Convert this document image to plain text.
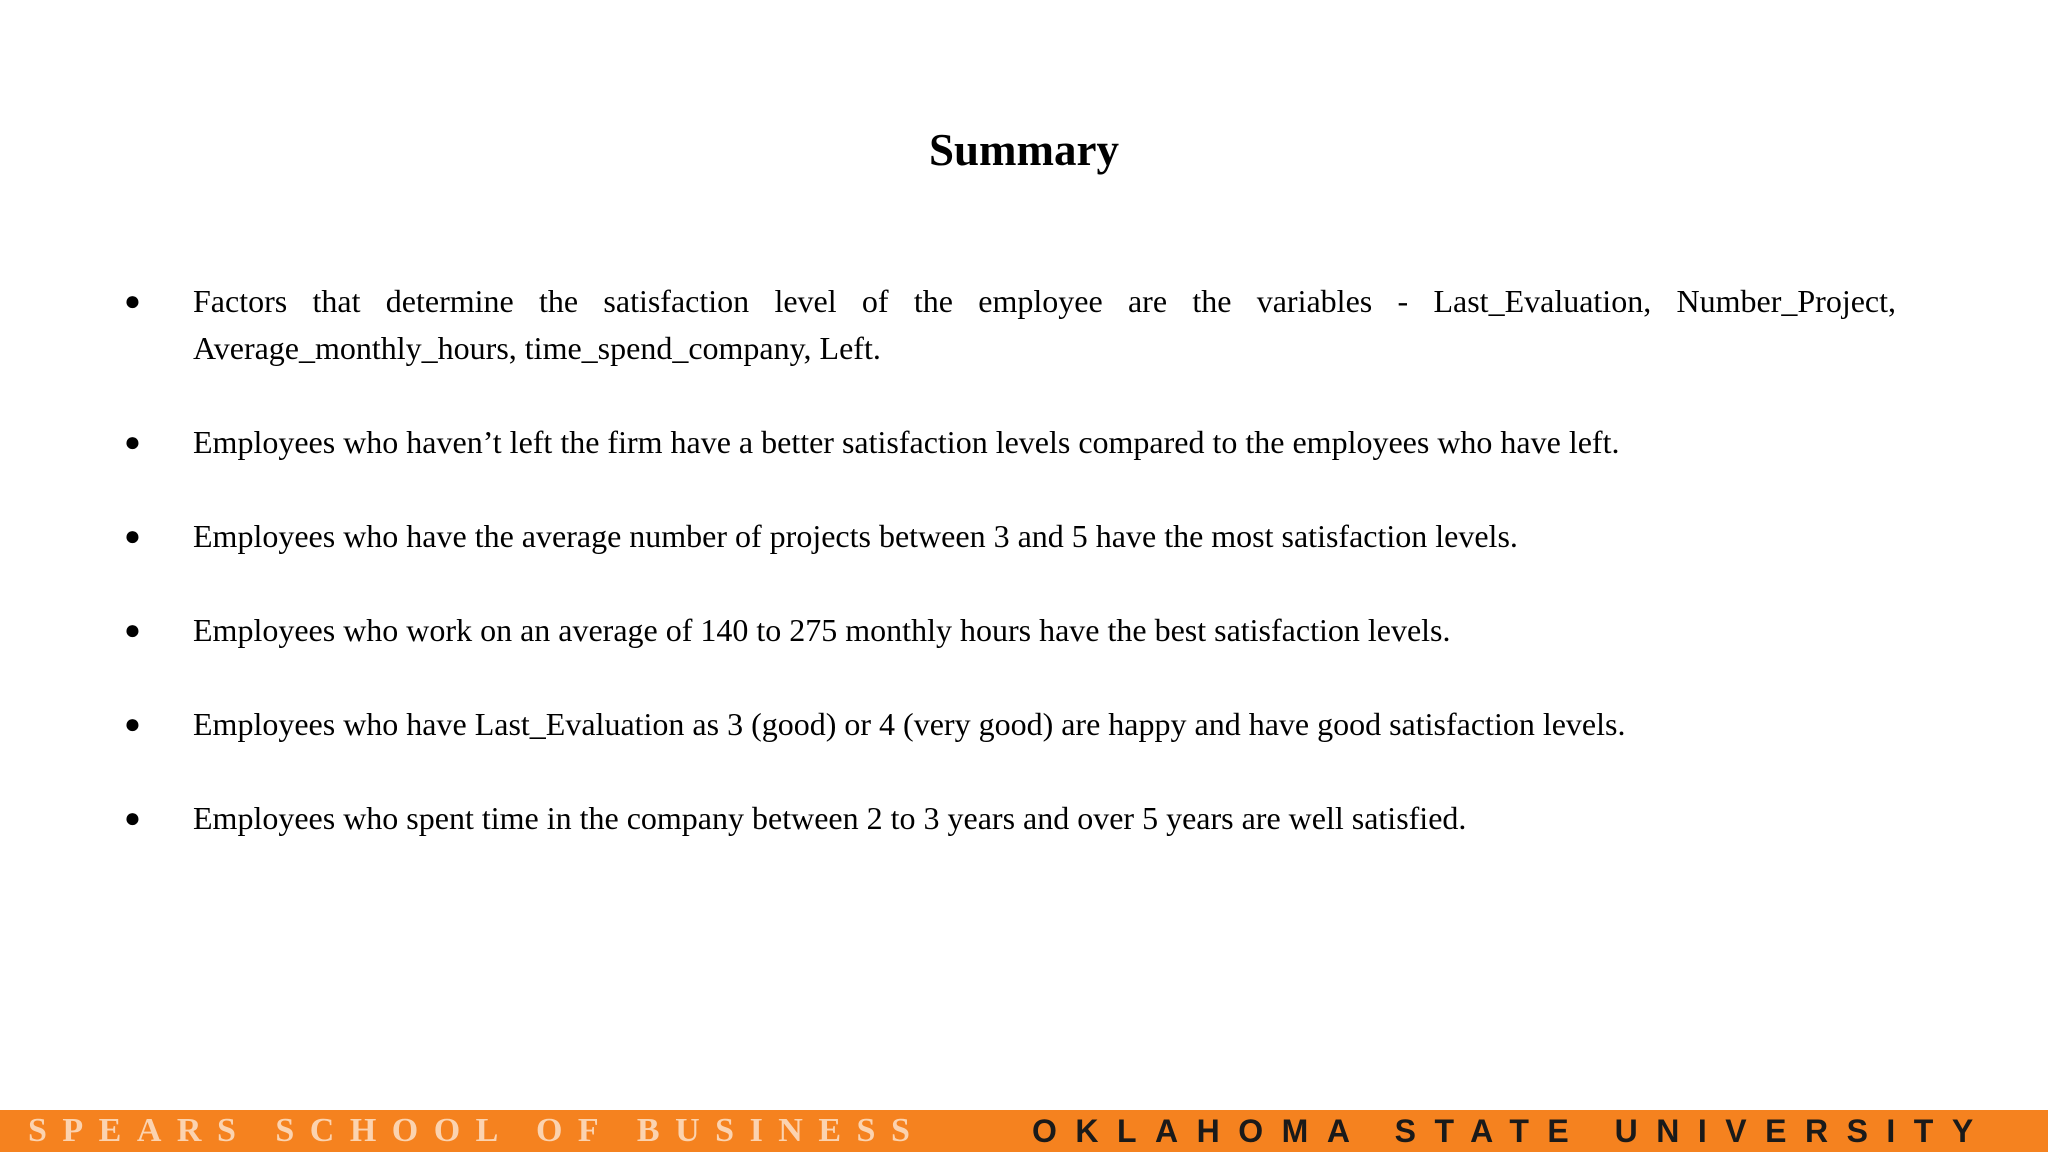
Summary
● Factors that determine the satisfaction level of the employee are the variables - Last_Evaluation, Number_Project, Average_monthly_hours, time_spend_company, Left.
● Employees who haven’t left the firm have a better satisfaction levels compared to the employees who have left.
● Employees who have the average number of projects between 3 and 5 have the most satisfaction levels.
● Employees who work on an average of 140 to 275 monthly hours have the best satisfaction levels.
● Employees who have Last_Evaluation as 3 (good) or 4 (very good) are happy and have good satisfaction levels.
● Employees who spent time in the company between 2 to 3 years and over 5 years are well satisfied.
SPEARS SCHOOL OF BUSINESS	OKLAHOMA STATE UNIVERSITY
